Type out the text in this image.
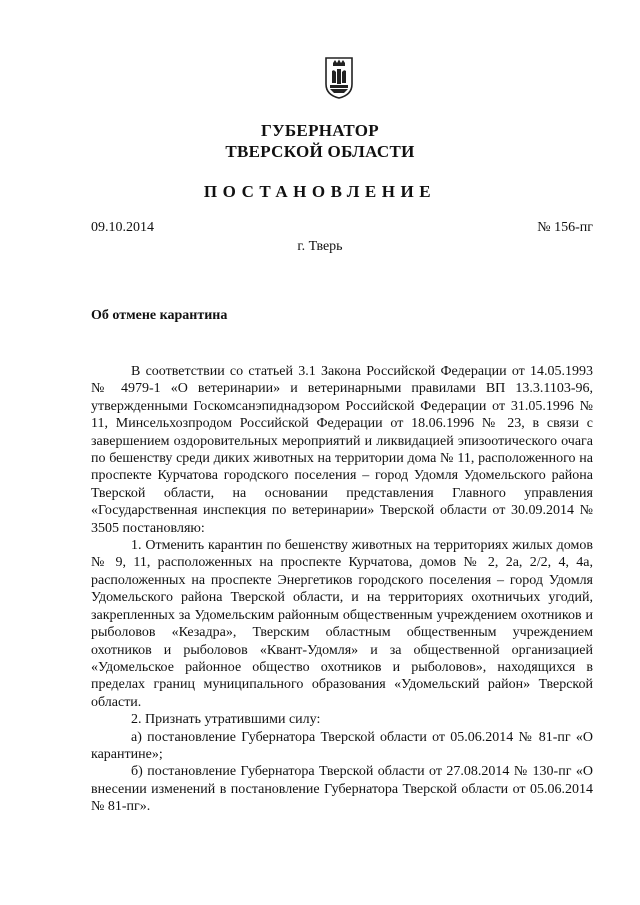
ГУБЕРНАТОР
ТВЕРСКОЙ ОБЛАСТИ
ПОСТАНОВЛЕНИЕ
09.10.2014	№ 156-пг
г. Тверь
Об отмене карантина

В соответствии со статьей 3.1 Закона Российской Федерации от 14.05.1993 № 4979-1 «О ветеринарии» и ветеринарными правилами ВП 13.3.1103-96, утвержденными Госкомсанэпиднадзором Российской Федерации от 31.05.1996 № 11, Минсельхозпродом Российской Федерации от 18.06.1996 № 23, в связи с завершением оздоровительных мероприятий и ликвидацией эпизоотического очага по бешенству среди диких животных на территории дома № 11, расположенного на проспекте Курчатова городского поселения – город Удомля Удомельского района Тверской области, на основании представления Главного управления «Государственная инспекция по ветеринарии» Тверской области от 30.09.2014 № 3505 постановляю:

1. Отменить карантин по бешенству животных на территориях жилых домов № 9, 11, расположенных на проспекте Курчатова, домов № 2, 2а, 2/2, 4, 4а, расположенных на проспекте Энергетиков городского поселения – город Удомля Удомельского района Тверской области, и на территориях охотничьих угодий, закрепленных за Удомельским районным общественным учреждением охотников и рыболовов «Кезадра», Тверским областным общественным учреждением охотников и рыболовов «Квант-Удомля» и за общественной организацией «Удомельское районное общество охотников и рыболовов», находящихся в пределах границ муниципального образования «Удомельский район» Тверской области.

2. Признать утратившими силу:

а) постановление Губернатора Тверской области от 05.06.2014 № 81-пг «О карантине»;

б) постановление Губернатора Тверской области от 27.08.2014 № 130-пг «О внесении изменений в постановление Губернатора Тверской области от 05.06.2014 № 81-пг».
